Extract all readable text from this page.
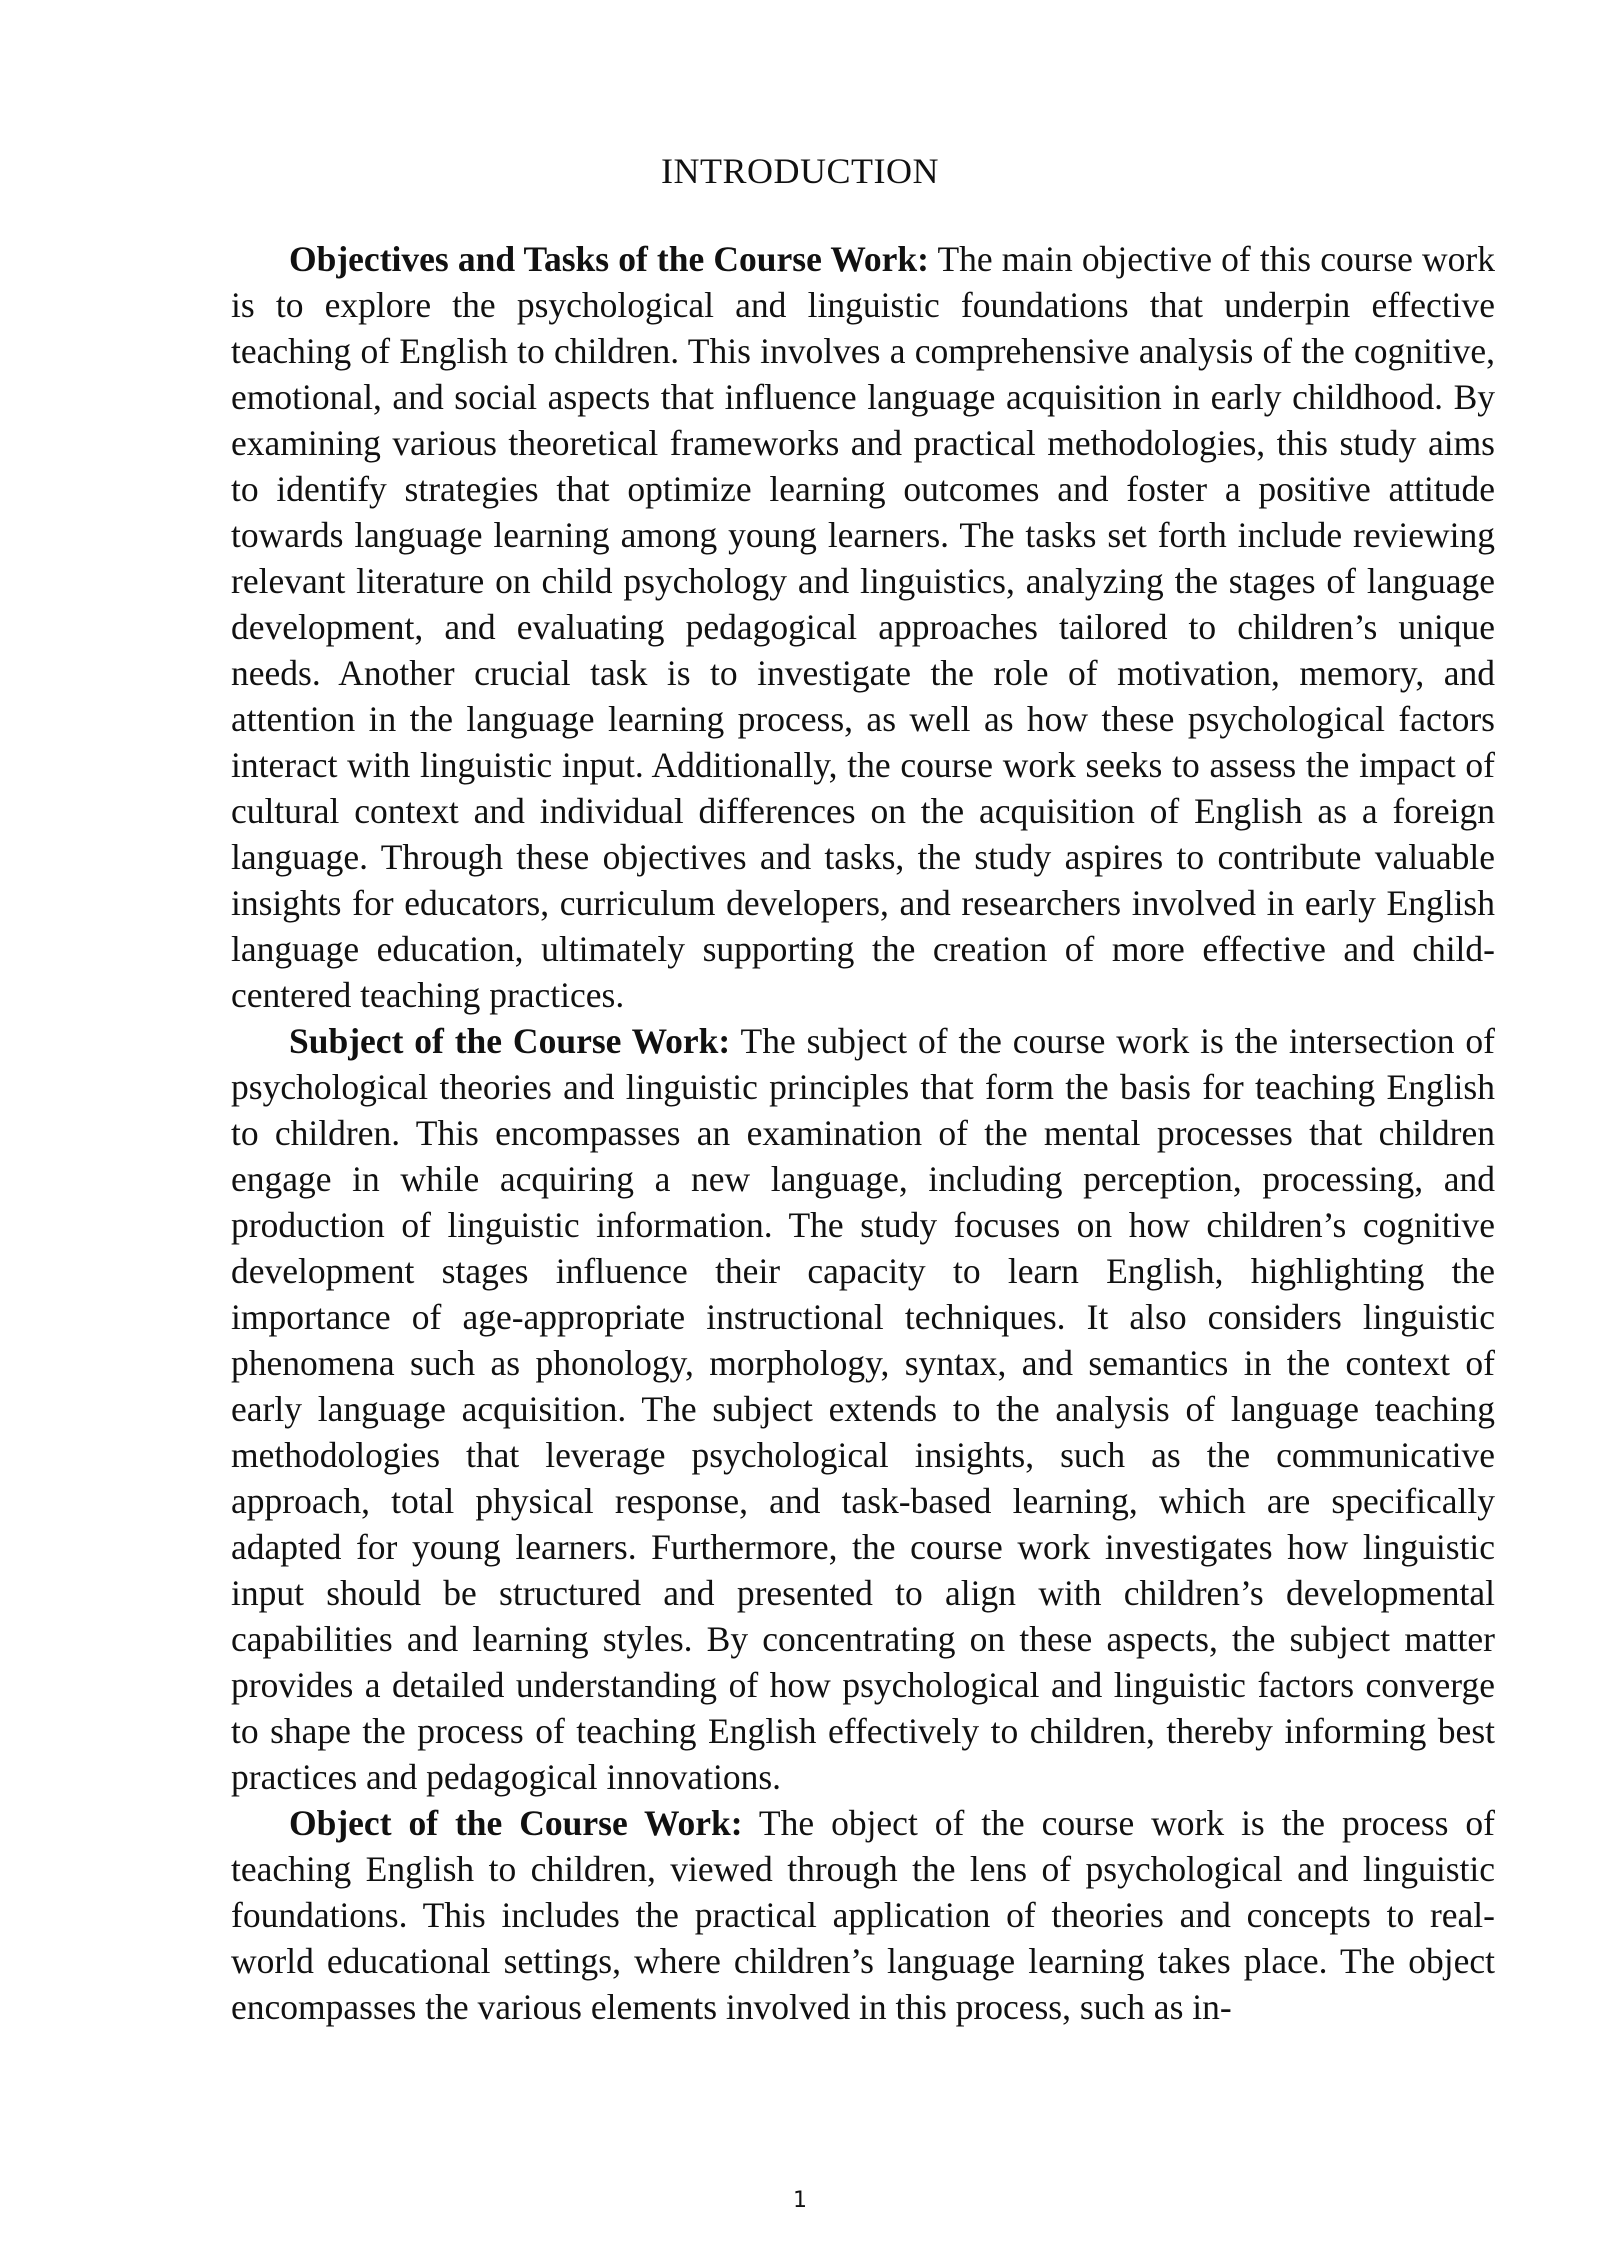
INTRODUCTION

Objectives and Tasks of the Course Work: The main objective of this course work is to explore the psychological and linguistic foundations that underpin effective teaching of English to children. This involves a comprehensive analysis of the cognitive, emotional, and social aspects that influence language acquisition in early childhood. By examining various theoretical frameworks and practical methodologies, this study aims to identify strategies that optimize learning outcomes and foster a positive attitude towards language learning among young learners. The tasks set forth include reviewing relevant literature on child psychology and linguistics, analyzing the stages of language development, and evaluating pedagogical approaches tailored to children’s unique needs. Another crucial task is to investigate the role of motivation, memory, and attention in the language learning process, as well as how these psychological factors interact with linguistic input. Additionally, the course work seeks to assess the impact of cultural context and individual differences on the acquisition of English as a foreign language. Through these objectives and tasks, the study aspires to contribute valuable insights for educators, curriculum developers, and researchers involved in early English language education, ultimately supporting the creation of more effective and child-centered teaching practices.

Subject of the Course Work: The subject of the course work is the intersection of psychological theories and linguistic principles that form the basis for teaching English to children. This encompasses an examination of the mental processes that children engage in while acquiring a new language, including perception, processing, and production of linguistic information. The study focuses on how children’s cognitive development stages influence their capacity to learn English, highlighting the importance of age-appropriate instructional techniques. It also considers linguistic phenomena such as phonology, morphology, syntax, and semantics in the context of early language acquisition. The subject extends to the analysis of language teaching methodologies that leverage psychological insights, such as the communicative approach, total physical response, and task-based learning, which are specifically adapted for young learners. Furthermore, the course work investigates how linguistic input should be structured and presented to align with children’s developmental capabilities and learning styles. By concentrating on these aspects, the subject matter provides a detailed understanding of how psychological and linguistic factors converge to shape the process of teaching English effectively to children, thereby informing best practices and pedagogical innovations.

Object of the Course Work: The object of the course work is the process of teaching English to children, viewed through the lens of psychological and linguistic foundations. This includes the practical application of theories and concepts to real-world educational settings, where children’s language learning takes place. The object encompasses the various elements involved in this process, such as in-

1
